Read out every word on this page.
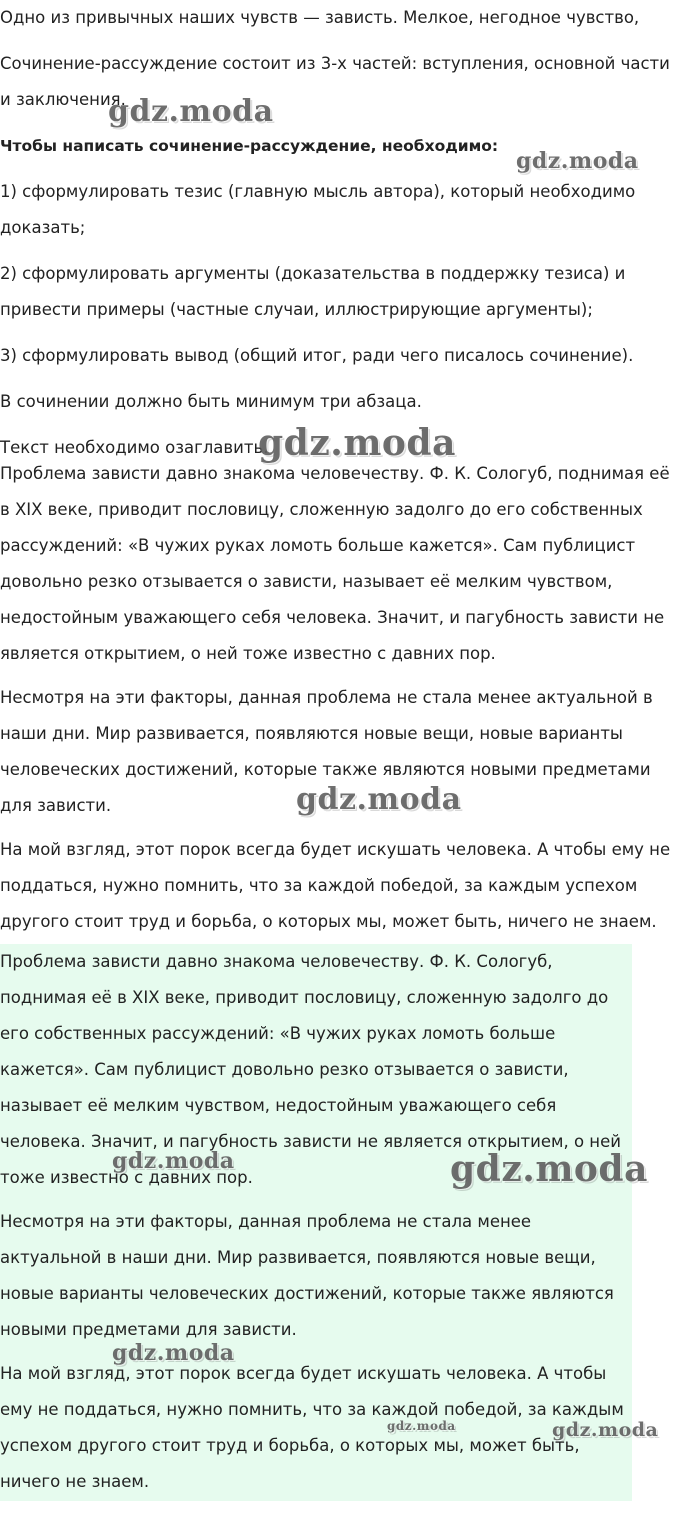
Одно из привычных наших чувств — зависть. Мелкое, негодное чувство,

Сочинение-рассуждение состоит из 3-х частей: вступления, основной части и заключения.

Чтобы написать сочинение-рассуждение, необходимо:

1) сформулировать тезис (главную мысль автора), который необходимо доказать;

2) сформулировать аргументы (доказательства в поддержку тезиса) и привести примеры (частные случаи, иллюстрирующие аргументы);

3) сформулировать вывод (общий итог, ради чего писалось сочинение).

В сочинении должно быть минимум три абзаца.

Текст необходимо озаглавить.

Проблема зависти давно знакома человечеству. Ф. К. Сологуб, поднимая её в XIX веке, приводит пословицу, сложенную задолго до его собственных рассуждений: «В чужих руках ломоть больше кажется». Сам публицист довольно резко отзывается о зависти, называет её мелким чувством, недостойным уважающего себя человека. Значит, и пагубность зависти не является открытием, о ней тоже известно с давних пор.

Несмотря на эти факторы, данная проблема не стала менее актуальной в наши дни. Мир развивается, появляются новые вещи, новые варианты человеческих достижений, которые также являются новыми предметами для зависти.

На мой взгляд, этот порок всегда будет искушать человека. А чтобы ему не поддаться, нужно помнить, что за каждой победой, за каждым успехом другого стоит труд и борьба, о которых мы, может быть, ничего не знаем.

Проблема зависти давно знакома человечеству. Ф. К. Сологуб, поднимая её в XIX веке, приводит пословицу, сложенную задолго до его собственных рассуждений: «В чужих руках ломоть больше кажется». Сам публицист довольно резко отзывается о зависти, называет её мелким чувством, недостойным уважающего себя человека. Значит, и пагубность зависти не является открытием, о ней тоже известно с давних пор.

Несмотря на эти факторы, данная проблема не стала менее актуальной в наши дни. Мир развивается, появляются новые вещи, новые варианты человеческих достижений, которые также являются новыми предметами для зависти.

На мой взгляд, этот порок всегда будет искушать человека. А чтобы ему не поддаться, нужно помнить, что за каждой победой, за каждым успехом другого стоит труд и борьба, о которых мы, может быть, ничего не знаем.

gdz.moda
gdz.moda
gdz.moda
gdz.moda
gdz.moda	gdz.moda
gdz.moda
gdz.moda	gdz.moda
